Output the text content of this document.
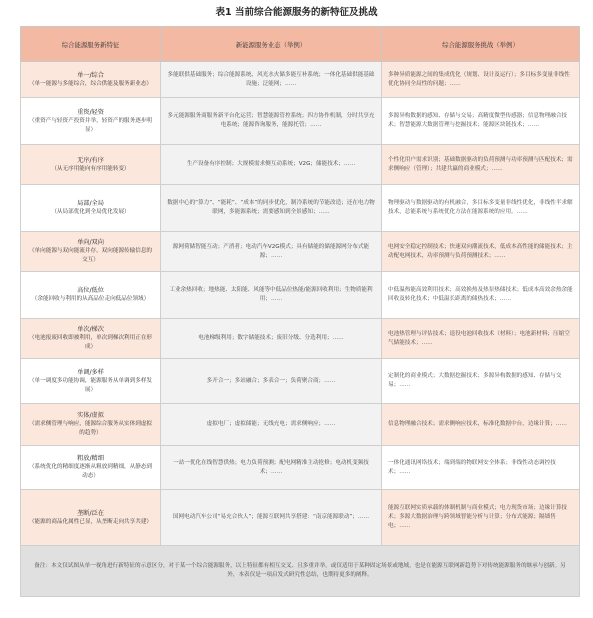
表1 当前综合能源服务的新特征及挑战
综合能源服务新特征	新能源服务业态（举例）	综合能源服务挑战（举例）

单一/综合
（单一能源与多能综合，综合供能及服务新业态）	多能联供基础服务；综合能源系统、风光水火储多能互补系统；一体化基础供能基础设施；泛能网；……	多种异质能源之间的集成优化（规划、设计及运行）；多目标多变量非线性优化协同全局性的问题；……

重资/轻资
（重资产与轻资产投资并举，轻资产的服务逐步明显）	多元能源服务商服务新平台化运营；智慧能源管控系统；四方协作机制，分时共享充电系统；能源咨询服务，能源托管；……	多源异构数据的感知、存储与交易；高精度微型传感器；信息物理融合技术；智慧能源大数据管理与挖掘技术；能源区块链技术；……

无序/有序
（从无序用能向有序用能转变）	生产设备有序控制；大规模需求侧互动系统；V2G；储能技术；……	个性化用户需求识别；基础数据驱动的负荷预测与功率预测与匹配技术；需求侧响应（管理）；共建共赢的商业模式；……

局部/全局
（从局部优化到全局优化发展）	数据中心的“算力”、“能耗”、“成本”的同步优化，制冷系统的节能改造；还在电力物联网，多能源系统；需要感知到全景感知；……	物理驱动与数据驱动的有机融合，多目标多变量非线性优化，非线性半求解技术，总能系统与系统优化方法在能源系统的应用。……

单向/双向
（单向能源与双向能流并存，双向能源传输信息的交互）	源网荷储智能互动；产消者；电动汽车V2G模式；具有储能的储能源网分布式能源；……	电网安全稳定控制技术；快速双向潮流技术，低成本高性能的储能技术；主动配电网技术，功率预测与负荷预测技术；……

高位/低位
（余能回收与利用的从高品位走向低品位领域）	工业余热回收；地热能、太阳能、风能等中低品位热能/能源回收利用；生物质能利用；……	中低温热能高效利用技术；高效换热及热泵热储技术；低成本高效余热余能回收及转化技术；中低温长距离的储热技术；……

单次/梯次
（电池报废回收即被利用，单次到梯次利用正在形成）	电池梯级利用；数字储能技术；废旧分级、分选利用；……	电池热管理与评估技术；退役电池回收技术（材料）；电池新材料；压缩空气储能技术；……

单调/多样
（单一调度多功能协调，能源服务从单调到多样发展）	多开合一；多站融合；多表合一；负荷聚合商；……	定制化的商业模式；大数据挖掘技术；多源异构数据的感知、存储与交易；……

实体/虚拟
（需求侧管理与响应，能源综合服务从实体到虚拟的趋势）	虚拟电厂；虚拟储能；无线充电；需求侧响应；……	信息物理融合技术；需求侧响应技术，标准化数据中台，边缘计算；……

粗放/精细
（系统优化的精细度逐渐从粗放到精细，从静态到动态）	一站一优化在线智慧供热；电力负荷预测；配电网精准主动抢修；电动机变频技术；……	一体化通讯网络技术；端到端的物联网安全体系；非线性动态调控技术；……

垄断/泛在
（能源的商品化属性已显，从垄断走向共享共建）	国网电动汽车公司“易充合伙人”；能源互联网共享搭建：“南京能源联动”；……	能源互联网实质承载的体制机制与商业模式；电力现货市场；边缘计算技术；多源大数据治理与跨领域智能分析与计算；分布式能源；隔墙售电；……
备注：本文仅试图从单一视角进行新特征的示意区分，对于某一个综合能源服务，以上特征都有相互交叉、且多重并举，或仅适用于某种固定场景或地域，也是在能源互联网新趋势下对传统能源服务的继承与创新。另外，本表仅是一项启发式研究性总结，也期待更多的阐释。		
